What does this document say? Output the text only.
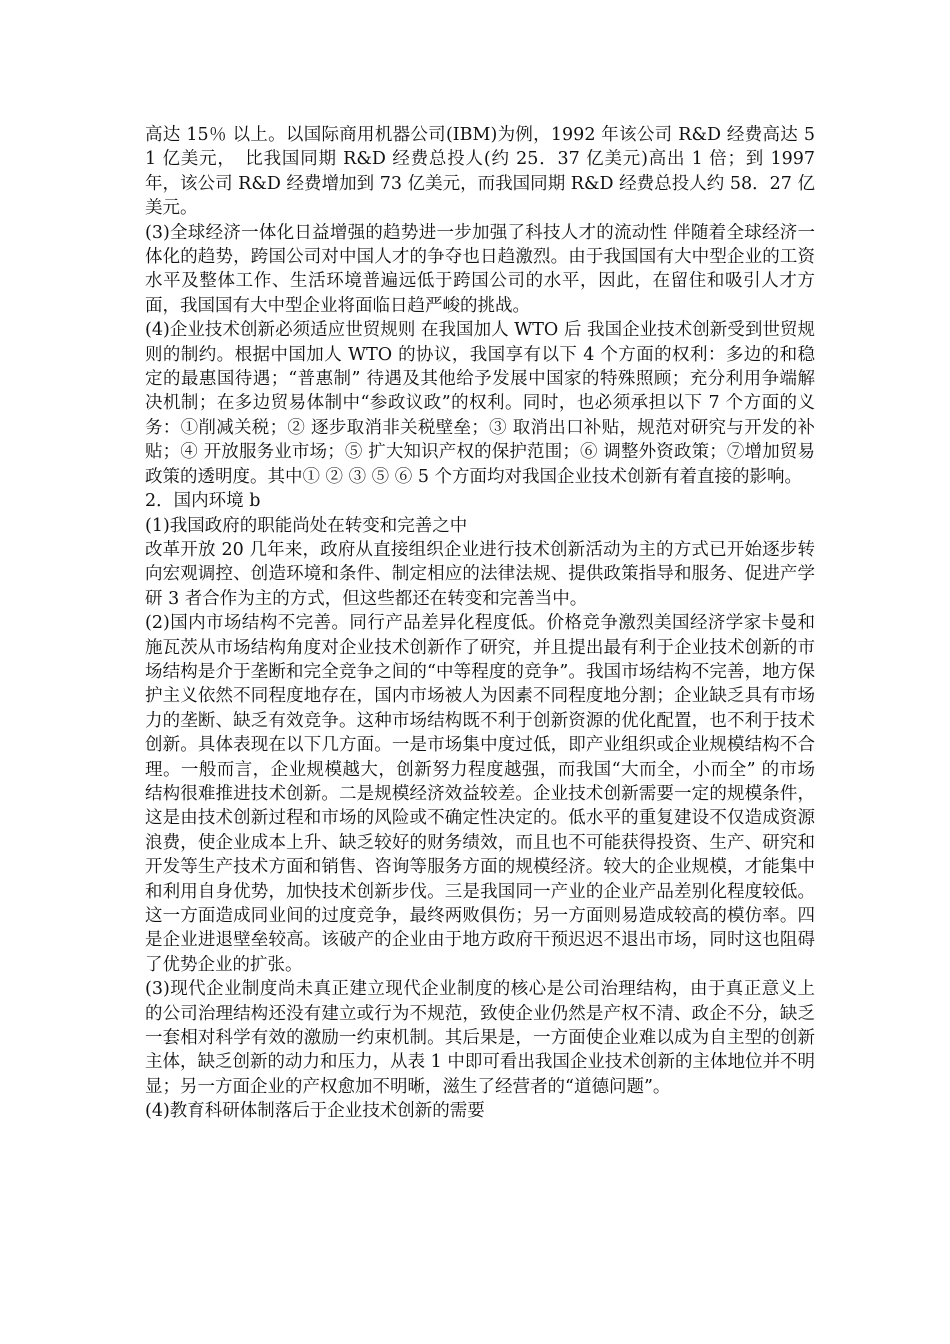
高达 15％ 以上。以国际商用机器公司(IBM)为例，1992 年该公司 R&D 经费高达 51 亿美元，　比我国同期 R&D 经费总投人(约 25．37 亿美元)高出 1 倍；到 1997 年，该公司 R&D 经费增加到 73 亿美元，而我国同期 R&D 经费总投人约 58．27 亿美元。

(3)全球经济一体化日益增强的趋势进一步加强了科技人才的流动性 伴随着全球经济一体化的趋势，跨国公司对中国人才的争夺也日趋激烈。由于我国国有大中型企业的工资水平及整体工作、生活环境普遍远低于跨国公司的水平，因此，在留住和吸引人才方面，我国国有大中型企业将面临日趋严峻的挑战。

(4)企业技术创新必须适应世贸规则 在我国加人 WTO 后 我国企业技术创新受到世贸规则的制约。根据中国加人 WTO 的协议，我国享有以下 4 个方面的权利：多边的和稳定的最惠国待遇；“普惠制” 待遇及其他给予发展中国家的特殊照顾；充分利用争端解决机制；在多边贸易体制中“参政议政”的权利。同时，也必须承担以下 7 个方面的义务：①削减关税；② 逐步取消非关税壁垒；③ 取消出口补贴，规范对研究与开发的补贴；④ 开放服务业市场；⑤ 扩大知识产权的保护范围；⑥ 调整外资政策；⑦增加贸易政策的透明度。其中① ② ③ ⑤ ⑥ 5 个方面均对我国企业技术创新有着直接的影响。

2．国内环境 b

(1)我国政府的职能尚处在转变和完善之中

改革开放 20 几年来，政府从直接组织企业进行技术创新活动为主的方式已开始逐步转向宏观调控、创造环境和条件、制定相应的法律法规、提供政策指导和服务、促进产学研 3 者合作为主的方式，但这些都还在转变和完善当中。

(2)国内市场结构不完善。同行产品差异化程度低。价格竞争激烈美国经济学家卡曼和施瓦茨从市场结构角度对企业技术创新作了研究，并且提出最有利于企业技术创新的市场结构是介于垄断和完全竞争之间的“中等程度的竞争”。我国市场结构不完善，地方保护主义依然不同程度地存在，国内市场被人为因素不同程度地分割；企业缺乏具有市场力的垄断、缺乏有效竞争。这种市场结构既不利于创新资源的优化配置，也不利于技术创新。具体表现在以下几方面。一是市场集中度过低，即产业组织或企业规模结构不合理。一般而言，企业规模越大，创新努力程度越强，而我国“大而全，小而全” 的市场结构很难推进技术创新。二是规模经济效益较差。企业技术创新需要一定的规模条件，这是由技术创新过程和市场的风险或不确定性决定的。低水平的重复建设不仅造成资源浪费，使企业成本上升、缺乏较好的财务绩效，而且也不可能获得投资、生产、研究和开发等生产技术方面和销售、咨询等服务方面的规模经济。较大的企业规模，才能集中和利用自身优势，加快技术创新步伐。三是我国同一产业的企业产品差别化程度较低。这一方面造成同业间的过度竞争，最终两败俱伤；另一方面则易造成较高的模仿率。四是企业进退壁垒较高。该破产的企业由于地方政府干预迟迟不退出市场，同时这也阻碍了优势企业的扩张。

(3)现代企业制度尚未真正建立现代企业制度的核心是公司治理结构，由于真正意义上的公司治理结构还没有建立或行为不规范，致使企业仍然是产权不清、政企不分，缺乏一套相对科学有效的激励一约束机制。其后果是，一方面使企业难以成为自主型的创新主体，缺乏创新的动力和压力，从表 1 中即可看出我国企业技术创新的主体地位并不明显；另一方面企业的产权愈加不明晰，滋生了经营者的“道德问题”。

(4)教育科研体制落后于企业技术创新的需要
